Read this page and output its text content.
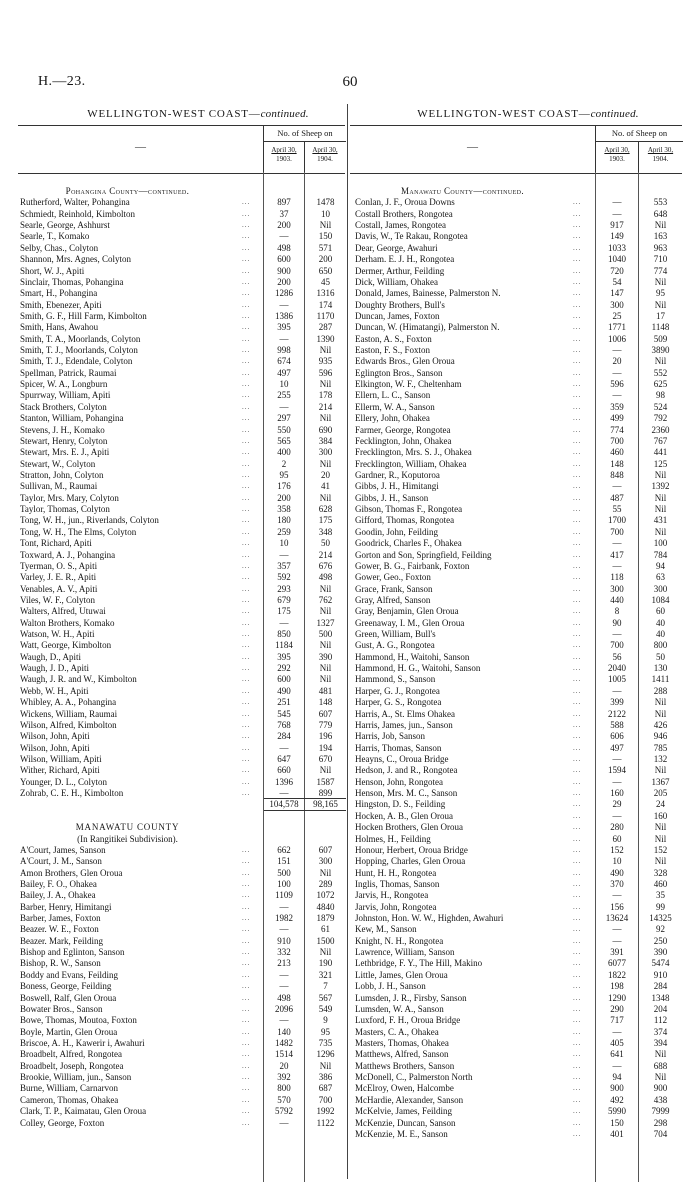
H.—23.	60
WELLINGTON-WEST COAST—continued.	WELLINGTON-WEST COAST—continued.
—
No. of Sheep on
April 30,
1903.
April 30,
1904.
—
No. of Sheep on
April 30,
1903.
April 30,
1904.
Pohangina County—continued.
Rutherford, Walter, Pohangina	...	897	1478
Schmiedt, Reinhold, Kimbolton	...	37	10
Searle, George, Ashhurst	...	200	Nil
Searle, T., Komako	...	—	150
Selby, Chas., Colyton	...	498	571
Shannon, Mrs. Agnes, Colyton	...	600	200
Short, W. J., Apiti	...	900	650
Sinclair, Thomas, Pohangina	...	200	45
Smart, H., Pohangina	...	1286	1316
Smith, Ebenezer, Apiti	...	—	174
Smith, G. F., Hill Farm, Kimbolton	...	1386	1170
Smith, Hans, Awahou	...	395	287
Smith, T. A., Moorlands, Colyton	...	—	1390
Smith, T. J., Moorlands, Colyton	...	998	Nil
Smith, T. J., Edendale, Colyton	...	674	935
Spellman, Patrick, Raumai	...	497	596
Spicer, W. A., Longburn	...	10	Nil
Spurrway, William, Apiti	...	255	178
Stack Brothers, Colyton	...	—	214
Stanton, William, Pohangina	...	297	Nil
Stevens, J. H., Komako	...	550	690
Stewart, Henry, Colyton	...	565	384
Stewart, Mrs. E. J., Apiti	...	400	300
Stewart, W., Colyton	...	2	Nil
Stratton, John, Colyton	...	95	20
Sullivan, M., Raumai	...	176	41
Taylor, Mrs. Mary, Colyton	...	200	Nil
Taylor, Thomas, Colyton	...	358	628
Tong, W. H., jun., Riverlands, Colyton	...	180	175
Tong, W. H., The Elms, Colyton	...	259	348
Tont, Richard, Apiti	...	10	50
Toxward, A. J., Pohangina	...	—	214
Tyerman, O. S., Apiti	...	357	676
Varley, J. E. R., Apiti	...	592	498
Venables, A. V., Apiti	...	293	Nil
Viles, W. F., Colyton	...	679	762
Walters, Alfred, Utuwai	...	175	Nil
Walton Brothers, Komako	...	—	1327
Watson, W. H., Apiti	...	850	500
Watt, George, Kimbolton	...	1184	Nil
Waugh, D., Apiti	...	395	390
Waugh, J. D., Apiti	...	292	Nil
Waugh, J. R. and W., Kimbolton	...	600	Nil
Webb, W. H., Apiti	...	490	481
Whibley, A. A., Pohangina	...	251	148
Wickens, William, Raumai	...	545	607
Wilson, Alfred, Kimbolton	...	768	779
Wilson, John, Apiti	...	284	196
Wilson, John, Apiti	...	—	194
Wilson, William, Apiti	...	647	670
Wither, Richard, Apiti	...	660	Nil
Younger, D. L., Colyton	...	1396	1587
Zohrab, C. E. H., Kimbolton	...	—	899
104,578	98,165
MANAWATU COUNTY
(In Rangitikei Subdivision).
A'Court, James, Sanson	...	662	607
A'Court, J. M., Sanson	...	151	300
Amon Brothers, Glen Oroua	...	500	Nil
Bailey, F. O., Ohakea	...	100	289
Bailey, J. A., Ohakea	...	1109	1072
Barber, Henry, Himitangi	...	—	4840
Barber, James, Foxton	...	1982	1879
Beazer. W. E., Foxton	...	—	61
Beazer. Mark, Feilding	...	910	1500
Bishop and Eglinton, Sanson	...	332	Nil
Bishop, R. W., Sanson	...	213	190
Boddy and Evans, Feilding	...	—	321
Boness, George, Feilding	...	—	7
Boswell, Ralf, Glen Oroua	...	498	567
Bowater Bros., Sanson	...	2096	549
Bowe, Thomas, Moutoa, Foxton	...	—	9
Boyle, Martin, Glen Oroua	...	140	95
Briscoe, A. H., Kawerir i, Awahuri	...	1482	735
Broadbelt, Alfred, Rongotea	...	1514	1296
Broadbelt, Joseph, Rongotea	...	20	Nil
Brookie, William, jun., Sanson	...	392	386
Burne, William, Carnarvon	...	800	687
Cameron, Thomas, Ohakea	...	570	700
Clark, T. P., Kaimatau, Glen Oroua	...	5792	1992
Colley, George, Foxton	...	—	1122
Manawatu County—continued.
Conlan, J. F., Oroua Downs	...	—	553
Costall Brothers, Rongotea	...	—	648
Costall, James, Rongotea	...	917	Nil
Davis, W., Te Rakau, Rongotea	...	149	163
Dear, George, Awahuri	...	1033	963
Derham. E. J. H., Rongotea	...	1040	710
Dermer, Arthur, Feilding	...	720	774
Dick, William, Ohakea	...	54	Nil
Donald, James, Bainesse, Palmerston N.	...	147	95
Doughty Brothers, Bull's	...	300	Nil
Duncan, James, Foxton	...	25	17
Duncan, W. (Himatangi), Palmerston N.	...	1771	1148
Easton, A. S., Foxton	...	1006	509
Easton, F. S., Foxton	...	—	3890
Edwards Bros., Glen Oroua	...	20	Nil
Eglington Bros., Sanson	...	—	552
Elkington, W. F., Cheltenham	...	596	625
Ellern, L. C., Sanson	...	—	98
Ellerm, W. A., Sanson	...	359	524
Ellery, John, Ohakea	...	499	792
Farmer, George, Rongotea	...	774	2360
Fecklington, John, Ohakea	...	700	767
Frecklington, Mrs. S. J., Ohakea	...	460	441
Frecklington, William, Ohakea	...	148	125
Gardner, R., Koputoroa	...	848	Nil
Gibbs, J. H., Himitangi	...	—	1392
Gibbs, J. H., Sanson	...	487	Nil
Gibson, Thomas F., Rongotea	...	55	Nil
Gifford, Thomas, Rongotea	...	1700	431
Goodin, John, Feilding	...	700	Nil
Goodrick, Charles F., Ohakea	...	—	100
Gorton and Son, Springfield, Feilding	...	417	784
Gower, B. G., Fairbank, Foxton	...	—	94
Gower, Geo., Foxton	...	118	63
Grace, Frank, Sanson	...	300	300
Gray, Alfred, Sanson	...	440	1084
Gray, Benjamin, Glen Oroua	...	8	60
Greenaway, I. M., Glen Oroua	...	90	40
Green, William, Bull's	...	—	40
Gust, A. G., Rongotea	...	700	800
Hammond, H., Waitohi, Sanson	...	56	50
Hammond, H. G., Waitohi, Sanson	...	2040	130
Hammond, S., Sanson	...	1005	1411
Harper, G. J., Rongotea	...	—	288
Harper, G. S., Rongotea	...	399	Nil
Harris, A., St. Elms Ohakea	...	2122	Nil
Harris, James, jun., Sanson	...	588	426
Harris, Job, Sanson	...	606	946
Harris, Thomas, Sanson	...	497	785
Heayns, C., Oroua Bridge	...	—	132
Hedson, J. and R., Rongotea	...	1594	Nil
Henson, John, Rongotea	...	—	1367
Henson, Mrs. M. C., Sanson	...	160	205
Hingston, D. S., Feilding	...	29	24
Hocken, A. B., Glen Oroua	...	—	160
Hocken Brothers, Glen Oroua	...	280	Nil
Holmes, H., Feilding	...	60	Nil
Honour, Herbert, Oroua Bridge	...	152	152
Hopping, Charles, Glen Oroua	...	10	Nil
Hunt, H. H., Rongotea	...	490	328
Inglis, Thomas, Sanson	...	370	460
Jarvis, H., Rongotea	...	—	35
Jarvis, John, Rongotea	...	156	99
Johnston, Hon. W. W., Highden, Awahuri	...	13624	14325
Kew, M., Sanson	...	—	92
Knight, N. H., Rongotea	...	—	250
Lawrence, William, Sanson	...	391	390
Lethbridge, F. Y., The Hill, Makino	...	6077	5474
Little, James, Glen Oroua	...	1822	910
Lobb, J. H., Sanson	...	198	284
Lumsden, J. R., Firsby, Sanson	...	1290	1348
Lumsden, W. A., Sanson	...	290	204
Luxford, F. H., Oroua Bridge	...	717	112
Masters, C. A., Ohakea	...	—	374
Masters, Thomas, Ohakea	...	405	394
Matthews, Alfred, Sanson	...	641	Nil
Matthews Brothers, Sanson	...	—	688
McDonell, C., Palmerston North	...	94	Nil
McElroy, Owen, Halcombe	...	900	900
McHardie, Alexander, Sanson	...	492	438
McKelvie, James, Feilding	...	5990	7999
McKenzie, Duncan, Sanson	...	150	298
McKenzie, M. E., Sanson	...	401	704
